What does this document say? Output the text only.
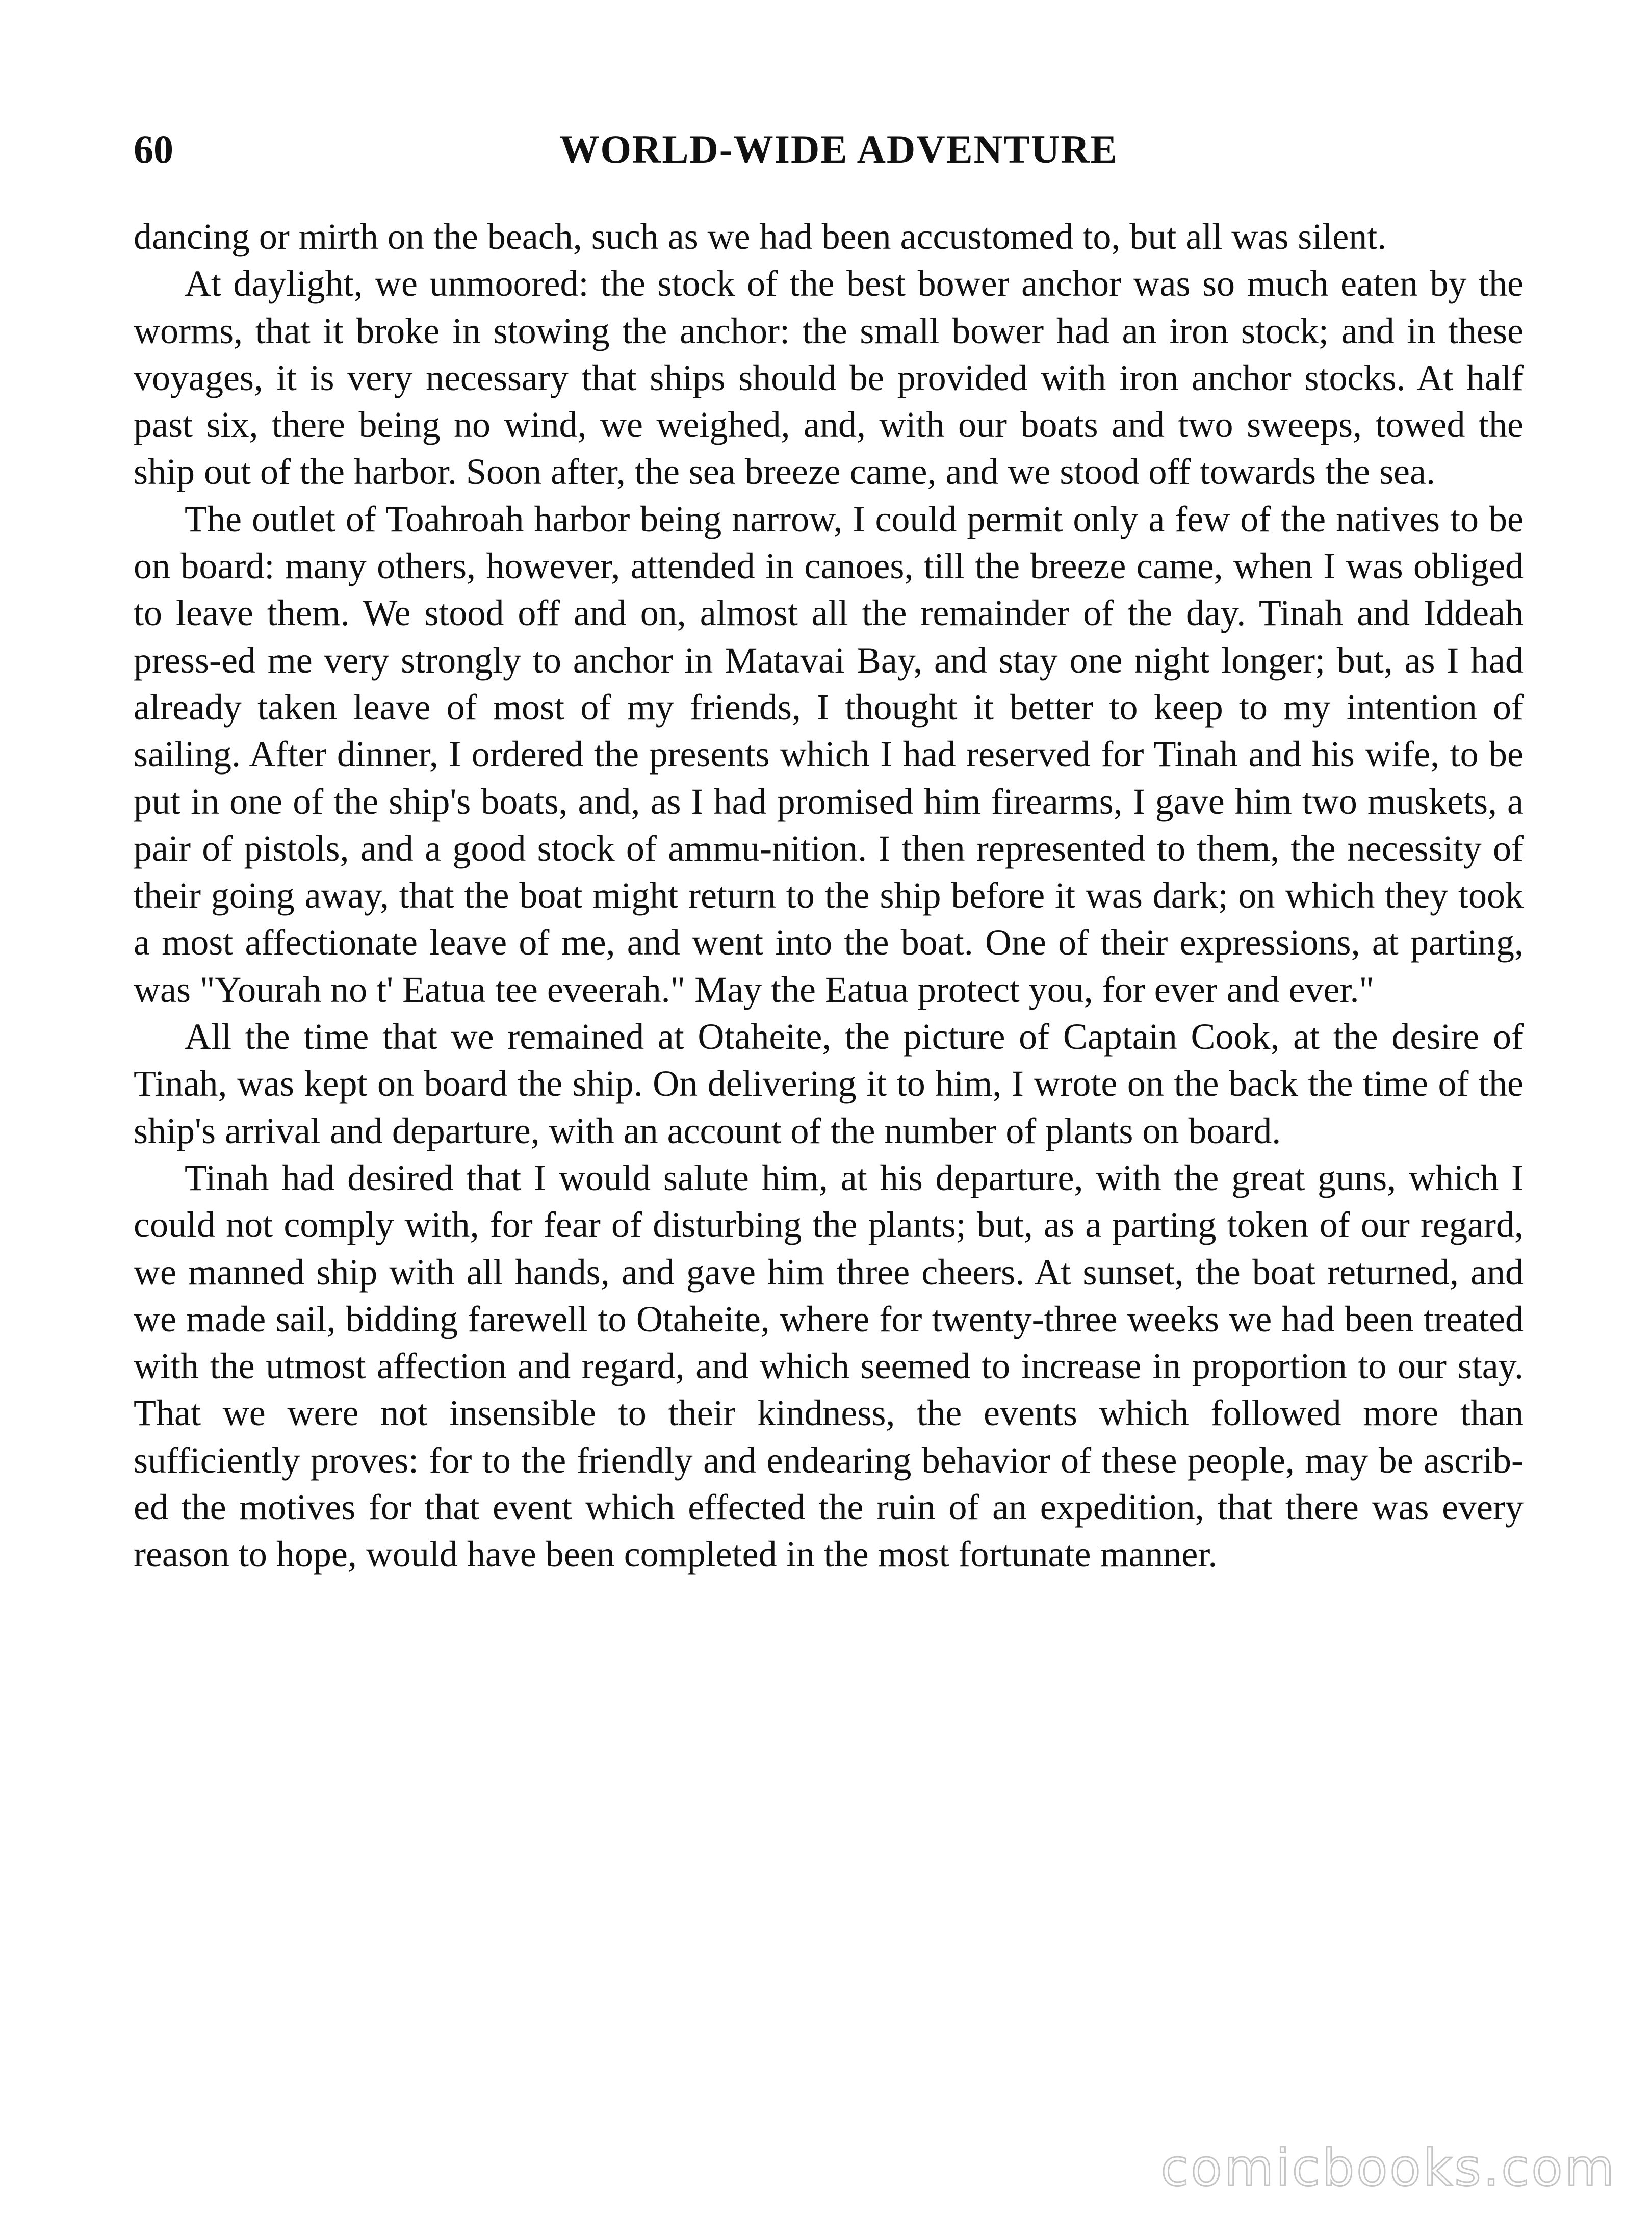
60	WORLD-WIDE ADVENTURE

dancing or mirth on the beach, such as we had been accustomed to, but all was silent.

At daylight, we unmoored: the stock of the best bower anchor was so much eaten by the worms, that it broke in stowing the anchor: the small bower had an iron stock; and in these voyages, it is very necessary that ships should be provided with iron anchor stocks. At half past six, there being no wind, we weighed, and, with our boats and two sweeps, towed the ship out of the harbor. Soon after, the sea breeze came, and we stood off towards the sea.

The outlet of Toahroah harbor being narrow, I could permit only a few of the natives to be on board: many others, however, attended in canoes, till the breeze came, when I was obliged to leave them. We stood off and on, almost all the remainder of the day. Tinah and Iddeah press-ed me very strongly to anchor in Matavai Bay, and stay one night longer; but, as I had already taken leave of most of my friends, I thought it better to keep to my intention of sailing. After dinner, I ordered the presents which I had reserved for Tinah and his wife, to be put in one of the ship's boats, and, as I had promised him firearms, I gave him two muskets, a pair of pistols, and a good stock of ammu-nition. I then represented to them, the necessity of their going away, that the boat might return to the ship before it was dark; on which they took a most affectionate leave of me, and went into the boat. One of their expressions, at parting, was "Yourah no t' Eatua tee eveerah." May the Eatua protect you, for ever and ever."

All the time that we remained at Otaheite, the picture of Captain Cook, at the desire of Tinah, was kept on board the ship. On delivering it to him, I wrote on the back the time of the ship's arrival and departure, with an account of the number of plants on board.

Tinah had desired that I would salute him, at his departure, with the great guns, which I could not comply with, for fear of disturbing the plants; but, as a parting token of our regard, we manned ship with all hands, and gave him three cheers. At sunset, the boat returned, and we made sail, bidding farewell to Otaheite, where for twenty-three weeks we had been treated with the utmost affection and regard, and which seemed to increase in proportion to our stay. That we were not insensible to their kindness, the events which followed more than sufficiently proves: for to the friendly and endearing behavior of these people, may be ascrib-ed the motives for that event which effected the ruin of an expedition, that there was every reason to hope, would have been completed in the most fortunate manner.

comicbooks.com
